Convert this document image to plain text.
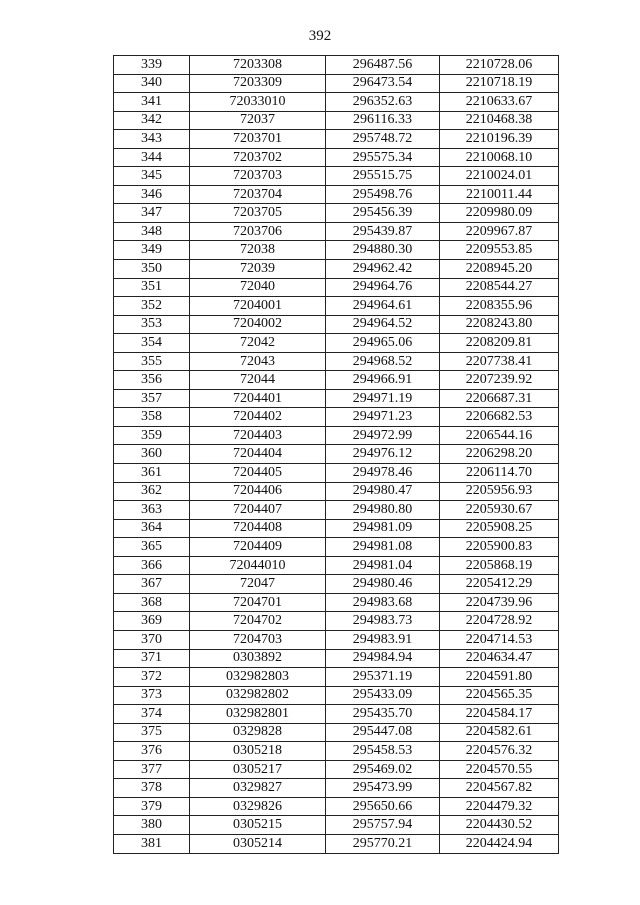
392
339	7203308	296487.56	2210728.06
340	7203309	296473.54	2210718.19
341	72033010	296352.63	2210633.67
342	72037	296116.33	2210468.38
343	7203701	295748.72	2210196.39
344	7203702	295575.34	2210068.10
345	7203703	295515.75	2210024.01
346	7203704	295498.76	2210011.44
347	7203705	295456.39	2209980.09
348	7203706	295439.87	2209967.87
349	72038	294880.30	2209553.85
350	72039	294962.42	2208945.20
351	72040	294964.76	2208544.27
352	7204001	294964.61	2208355.96
353	7204002	294964.52	2208243.80
354	72042	294965.06	2208209.81
355	72043	294968.52	2207738.41
356	72044	294966.91	2207239.92
357	7204401	294971.19	2206687.31
358	7204402	294971.23	2206682.53
359	7204403	294972.99	2206544.16
360	7204404	294976.12	2206298.20
361	7204405	294978.46	2206114.70
362	7204406	294980.47	2205956.93
363	7204407	294980.80	2205930.67
364	7204408	294981.09	2205908.25
365	7204409	294981.08	2205900.83
366	72044010	294981.04	2205868.19
367	72047	294980.46	2205412.29
368	7204701	294983.68	2204739.96
369	7204702	294983.73	2204728.92
370	7204703	294983.91	2204714.53
371	0303892	294984.94	2204634.47
372	032982803	295371.19	2204591.80
373	032982802	295433.09	2204565.35
374	032982801	295435.70	2204584.17
375	0329828	295447.08	2204582.61
376	0305218	295458.53	2204576.32
377	0305217	295469.02	2204570.55
378	0329827	295473.99	2204567.82
379	0329826	295650.66	2204479.32
380	0305215	295757.94	2204430.52
381	0305214	295770.21	2204424.94
